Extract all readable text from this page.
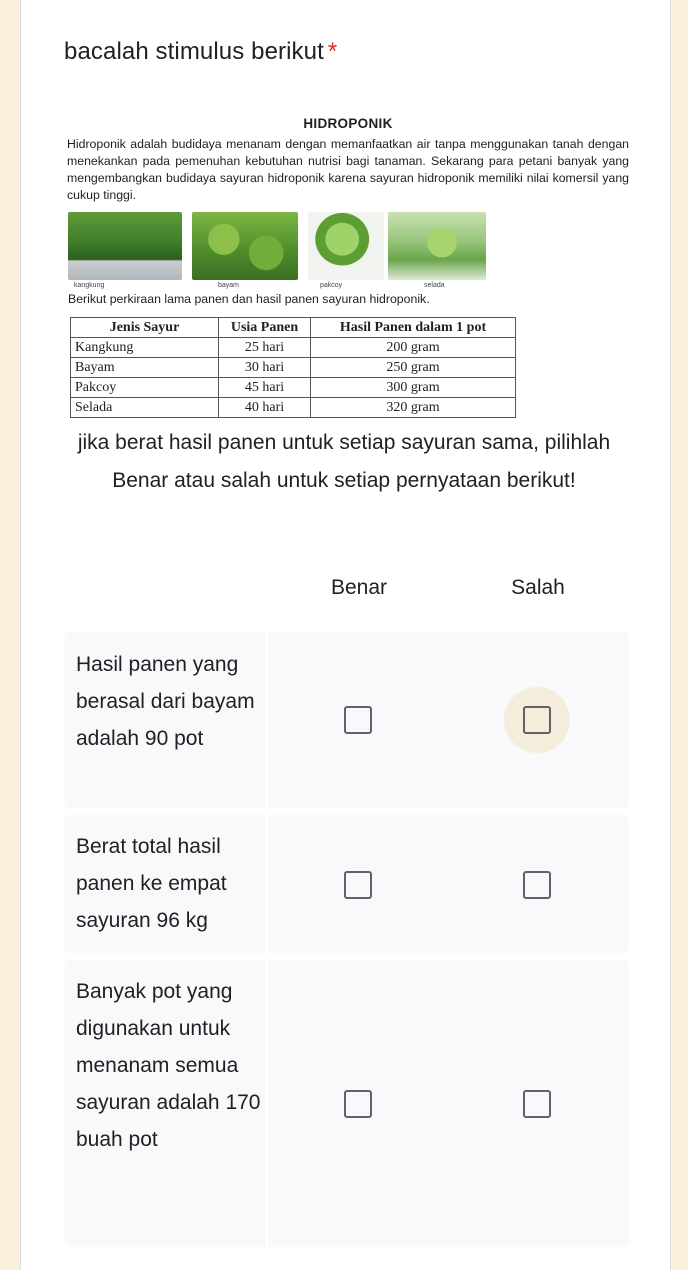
bacalah stimulus berikut *
HIDROPONIK
Hidroponik adalah budidaya menanam dengan memanfaatkan air tanpa menggunakan tanah dengan menekankan pada pemenuhan kebutuhan nutrisi bagi tanaman. Sekarang para petani banyak yang mengembangkan budidaya sayuran hidroponik karena sayuran hidroponik memiliki nilai komersil yang cukup tinggi.
kangkung	bayam	pakcoy	selada
Berikut perkiraan lama panen dan hasil panen sayuran hidroponik.
Jenis Sayur	Usia Panen	Hasil Panen dalam 1 pot
Kangkung	25 hari	200 gram
Bayam	30 hari	250 gram
Pakcoy	45 hari	300 gram
Selada	40 hari	320 gram
jika berat hasil panen untuk setiap sayuran sama, pilihlah Benar atau salah untuk setiap pernyataan berikut!
Benar	Salah
Hasil panen yang berasal dari bayam adalah 90 pot
Berat total hasil panen ke empat sayuran 96 kg
Banyak pot yang digunakan untuk menanam semua sayuran adalah 170 buah pot
